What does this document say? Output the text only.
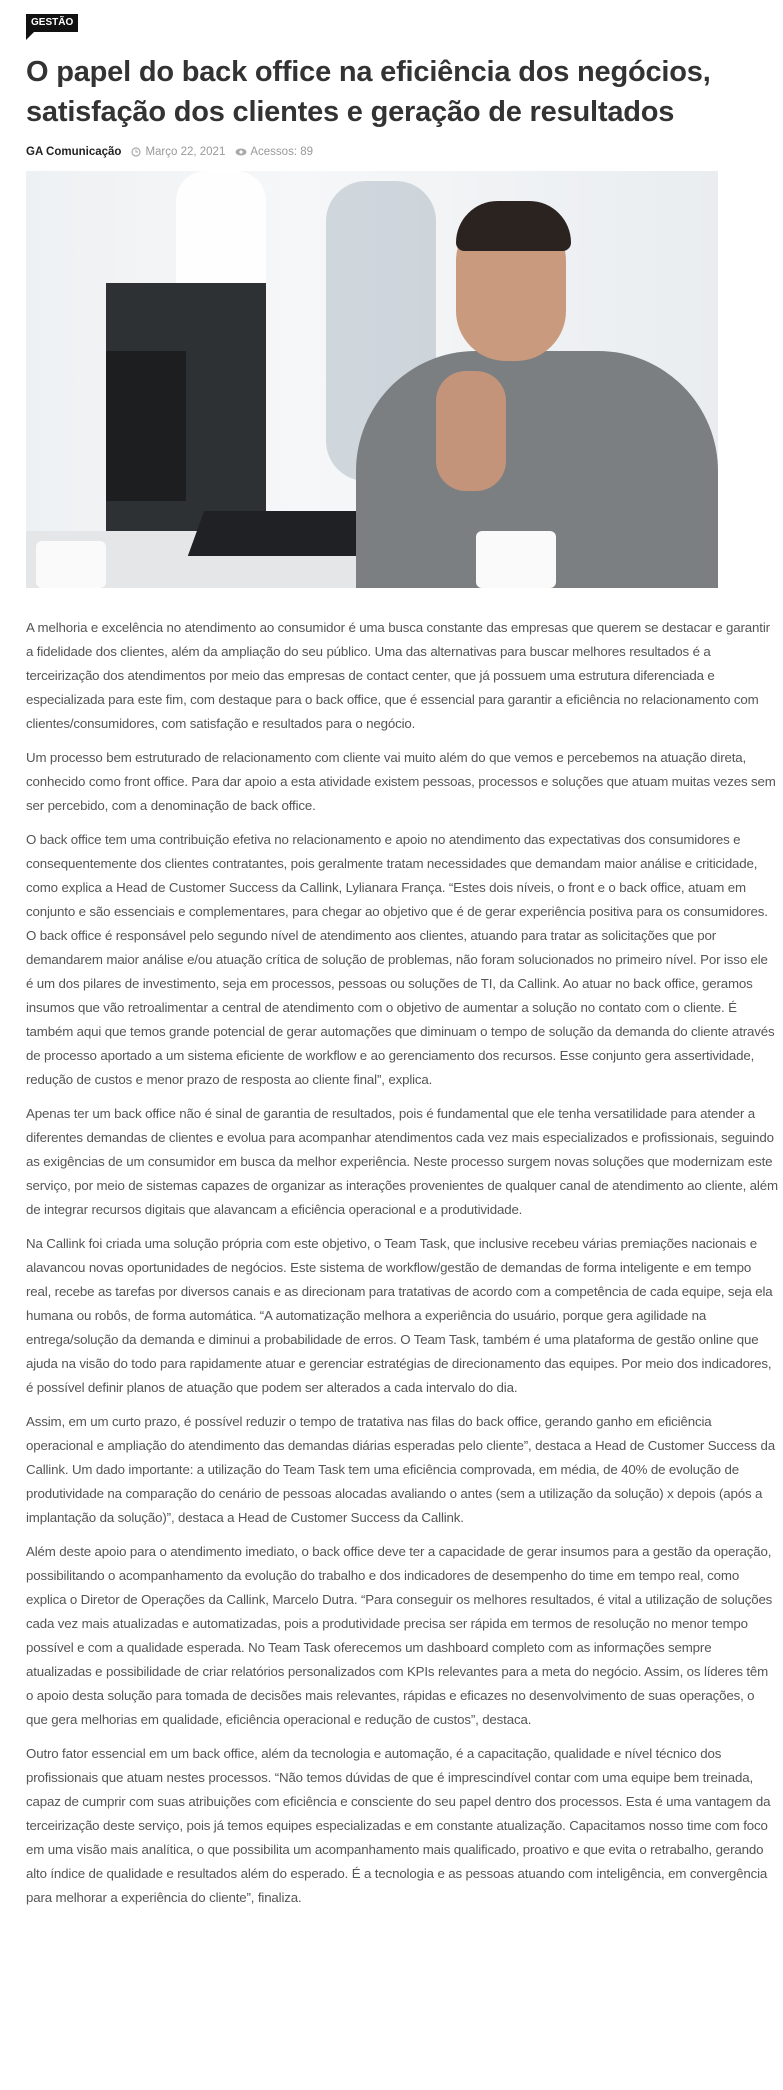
GESTÃO
O papel do back office na eficiência dos negócios, satisfação dos clientes e geração de resultados
GA Comunicação Março 22, 2021 Acessos: 89

A melhoria e excelência no atendimento ao consumidor é uma busca constante das empresas que querem se destacar e garantir a fidelidade dos clientes, além da ampliação do seu público. Uma das alternativas para buscar melhores resultados é a terceirização dos atendimentos por meio das empresas de contact center, que já possuem uma estrutura diferenciada e especializada para este fim, com destaque para o back office, que é essencial para garantir a eficiência no relacionamento com clientes/consumidores, com satisfação e resultados para o negócio.

Um processo bem estruturado de relacionamento com cliente vai muito além do que vemos e percebemos na atuação direta, conhecido como front office. Para dar apoio a esta atividade existem pessoas, processos e soluções que atuam muitas vezes sem ser percebido, com a denominação de back office.

O back office tem uma contribuição efetiva no relacionamento e apoio no atendimento das expectativas dos consumidores e consequentemente dos clientes contratantes, pois geralmente tratam necessidades que demandam maior análise e criticidade, como explica a Head de Customer Success da Callink, Lylianara França. “Estes dois níveis, o front e o back office, atuam em conjunto e são essenciais e complementares, para chegar ao objetivo que é de gerar experiência positiva para os consumidores. O back office é responsável pelo segundo nível de atendimento aos clientes, atuando para tratar as solicitações que por demandarem maior análise e/ou atuação crítica de solução de problemas, não foram solucionados no primeiro nível. Por isso ele é um dos pilares de investimento, seja em processos, pessoas ou soluções de TI, da Callink. Ao atuar no back office, geramos insumos que vão retroalimentar a central de atendimento com o objetivo de aumentar a solução no contato com o cliente. É também aqui que temos grande potencial de gerar automações que diminuam o tempo de solução da demanda do cliente através de processo aportado a um sistema eficiente de workflow e ao gerenciamento dos recursos. Esse conjunto gera assertividade, redução de custos e menor prazo de resposta ao cliente final”, explica.

Apenas ter um back office não é sinal de garantia de resultados, pois é fundamental que ele tenha versatilidade para atender a diferentes demandas de clientes e evolua para acompanhar atendimentos cada vez mais especializados e profissionais, seguindo as exigências de um consumidor em busca da melhor experiência. Neste processo surgem novas soluções que modernizam este serviço, por meio de sistemas capazes de organizar as interações provenientes de qualquer canal de atendimento ao cliente, além de integrar recursos digitais que alavancam a eficiência operacional e a produtividade.

Na Callink foi criada uma solução própria com este objetivo, o Team Task, que inclusive recebeu várias premiações nacionais e alavancou novas oportunidades de negócios. Este sistema de workflow/gestão de demandas de forma inteligente e em tempo real, recebe as tarefas por diversos canais e as direcionam para tratativas de acordo com a competência de cada equipe, seja ela humana ou robôs, de forma automática. “A automatização melhora a experiência do usuário, porque gera agilidade na entrega/solução da demanda e diminui a probabilidade de erros. O Team Task, também é uma plataforma de gestão online que ajuda na visão do todo para rapidamente atuar e gerenciar estratégias de direcionamento das equipes. Por meio dos indicadores, é possível definir planos de atuação que podem ser alterados a cada intervalo do dia.

Assim, em um curto prazo, é possível reduzir o tempo de tratativa nas filas do back office, gerando ganho em eficiência operacional e ampliação do atendimento das demandas diárias esperadas pelo cliente”, destaca a Head de Customer Success da Callink. Um dado importante: a utilização do Team Task tem uma eficiência comprovada, em média, de 40% de evolução de produtividade na comparação do cenário de pessoas alocadas avaliando o antes (sem a utilização da solução) x depois (após a implantação da solução)”, destaca a Head de Customer Success da Callink.

Além deste apoio para o atendimento imediato, o back office deve ter a capacidade de gerar insumos para a gestão da operação, possibilitando o acompanhamento da evolução do trabalho e dos indicadores de desempenho do time em tempo real, como explica o Diretor de Operações da Callink, Marcelo Dutra. “Para conseguir os melhores resultados, é vital a utilização de soluções cada vez mais atualizadas e automatizadas, pois a produtividade precisa ser rápida em termos de resolução no menor tempo possível e com a qualidade esperada. No Team Task oferecemos um dashboard completo com as informações sempre atualizadas e possibilidade de criar relatórios personalizados com KPIs relevantes para a meta do negócio. Assim, os líderes têm o apoio desta solução para tomada de decisões mais relevantes, rápidas e eficazes no desenvolvimento de suas operações, o que gera melhorias em qualidade, eficiência operacional e redução de custos”, destaca.

Outro fator essencial em um back office, além da tecnologia e automação, é a capacitação, qualidade e nível técnico dos profissionais que atuam nestes processos. “Não temos dúvidas de que é imprescindível contar com uma equipe bem treinada, capaz de cumprir com suas atribuições com eficiência e consciente do seu papel dentro dos processos. Esta é uma vantagem da terceirização deste serviço, pois já temos equipes especializadas e em constante atualização. Capacitamos nosso time com foco em uma visão mais analítica, o que possibilita um acompanhamento mais qualificado, proativo e que evita o retrabalho, gerando alto índice de qualidade e resultados além do esperado. É a tecnologia e as pessoas atuando com inteligência, em convergência para melhorar a experiência do cliente”, finaliza.
